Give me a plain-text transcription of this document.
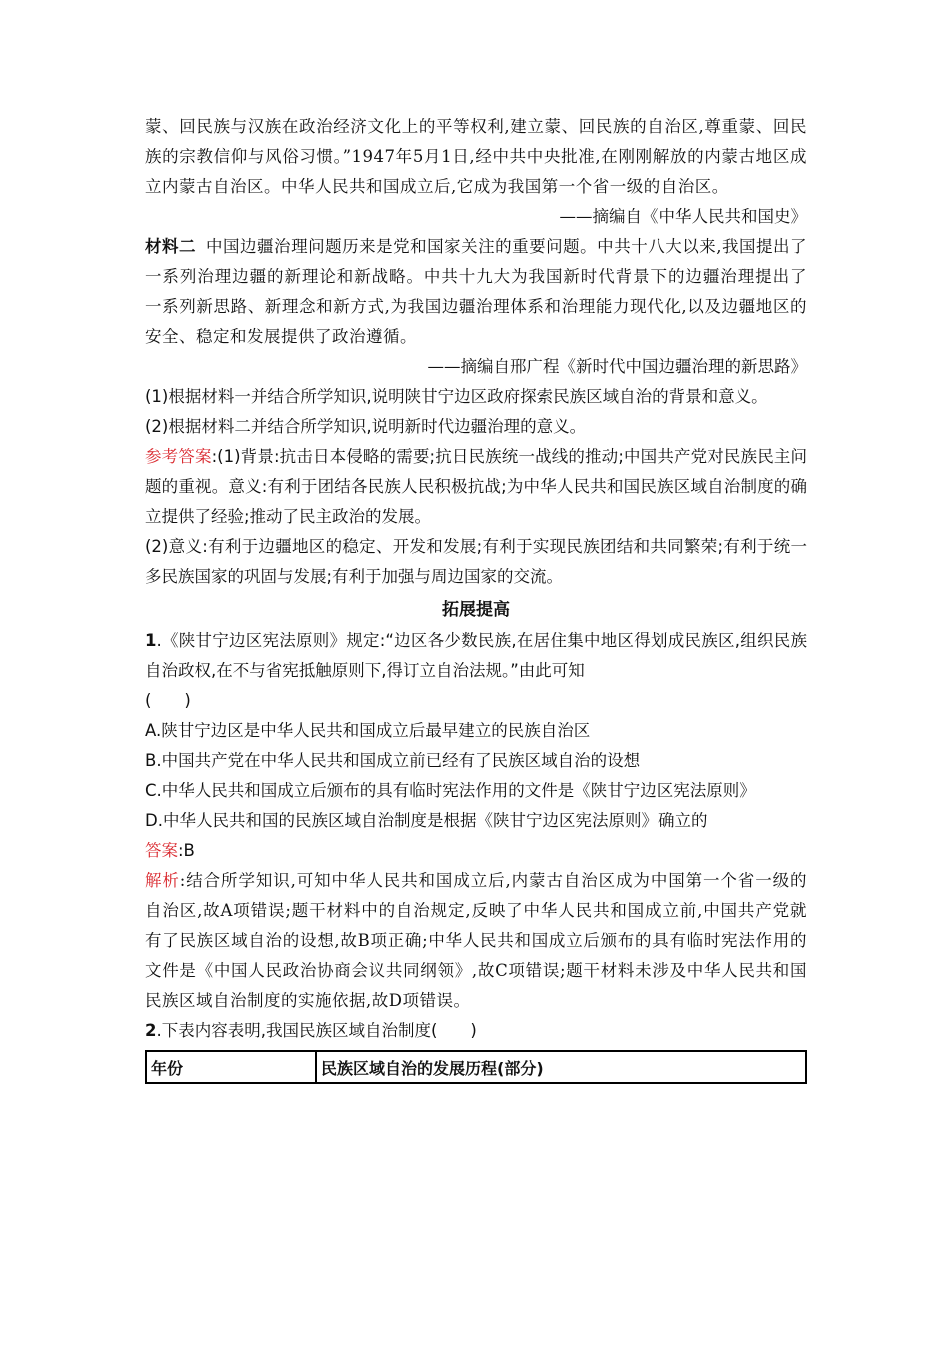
蒙、回民族与汉族在政治经济文化上的平等权利,建立蒙、回民族的自治区,尊重蒙、回民族的宗教信仰与风俗习惯。”1947年5月1日,经中共中央批准,在刚刚解放的内蒙古地区成立内蒙古自治区。中华人民共和国成立后,它成为我国第一个省一级的自治区。

——摘编自《中华人民共和国史》

材料二 中国边疆治理问题历来是党和国家关注的重要问题。中共十八大以来,我国提出了一系列治理边疆的新理论和新战略。中共十九大为我国新时代背景下的边疆治理提出了一系列新思路、新理念和新方式,为我国边疆治理体系和治理能力现代化,以及边疆地区的安全、稳定和发展提供了政治遵循。

——摘编自邢广程《新时代中国边疆治理的新思路》

(1)根据材料一并结合所学知识,说明陕甘宁边区政府探索民族区域自治的背景和意义。

(2)根据材料二并结合所学知识,说明新时代边疆治理的意义。

参考答案:(1)背景:抗击日本侵略的需要;抗日民族统一战线的推动;中国共产党对民族民主问题的重视。意义:有利于团结各民族人民积极抗战;为中华人民共和国民族区域自治制度的确立提供了经验;推动了民主政治的发展。

(2)意义:有利于边疆地区的稳定、开发和发展;有利于实现民族团结和共同繁荣;有利于统一多民族国家的巩固与发展;有利于加强与周边国家的交流。

拓展提高

1.《陕甘宁边区宪法原则》规定:“边区各少数民族,在居住集中地区得划成民族区,组织民族自治政权,在不与省宪抵触原则下,得订立自治法规。”由此可知

(　　)

A.陕甘宁边区是中华人民共和国成立后最早建立的民族自治区

B.中国共产党在中华人民共和国成立前已经有了民族区域自治的设想

C.中华人民共和国成立后颁布的具有临时宪法作用的文件是《陕甘宁边区宪法原则》

D.中华人民共和国的民族区域自治制度是根据《陕甘宁边区宪法原则》确立的

答案:B

解析:结合所学知识,可知中华人民共和国成立后,内蒙古自治区成为中国第一个省一级的自治区,故A项错误;题干材料中的自治规定,反映了中华人民共和国成立前,中国共产党就有了民族区域自治的设想,故B项正确;中华人民共和国成立后颁布的具有临时宪法作用的文件是《中国人民政治协商会议共同纲领》,故C项错误;题干材料未涉及中华人民共和国民族区域自治制度的实施依据,故D项错误。

2.下表内容表明,我国民族区域自治制度(　　)

年份	民族区域自治的发展历程(部分)
